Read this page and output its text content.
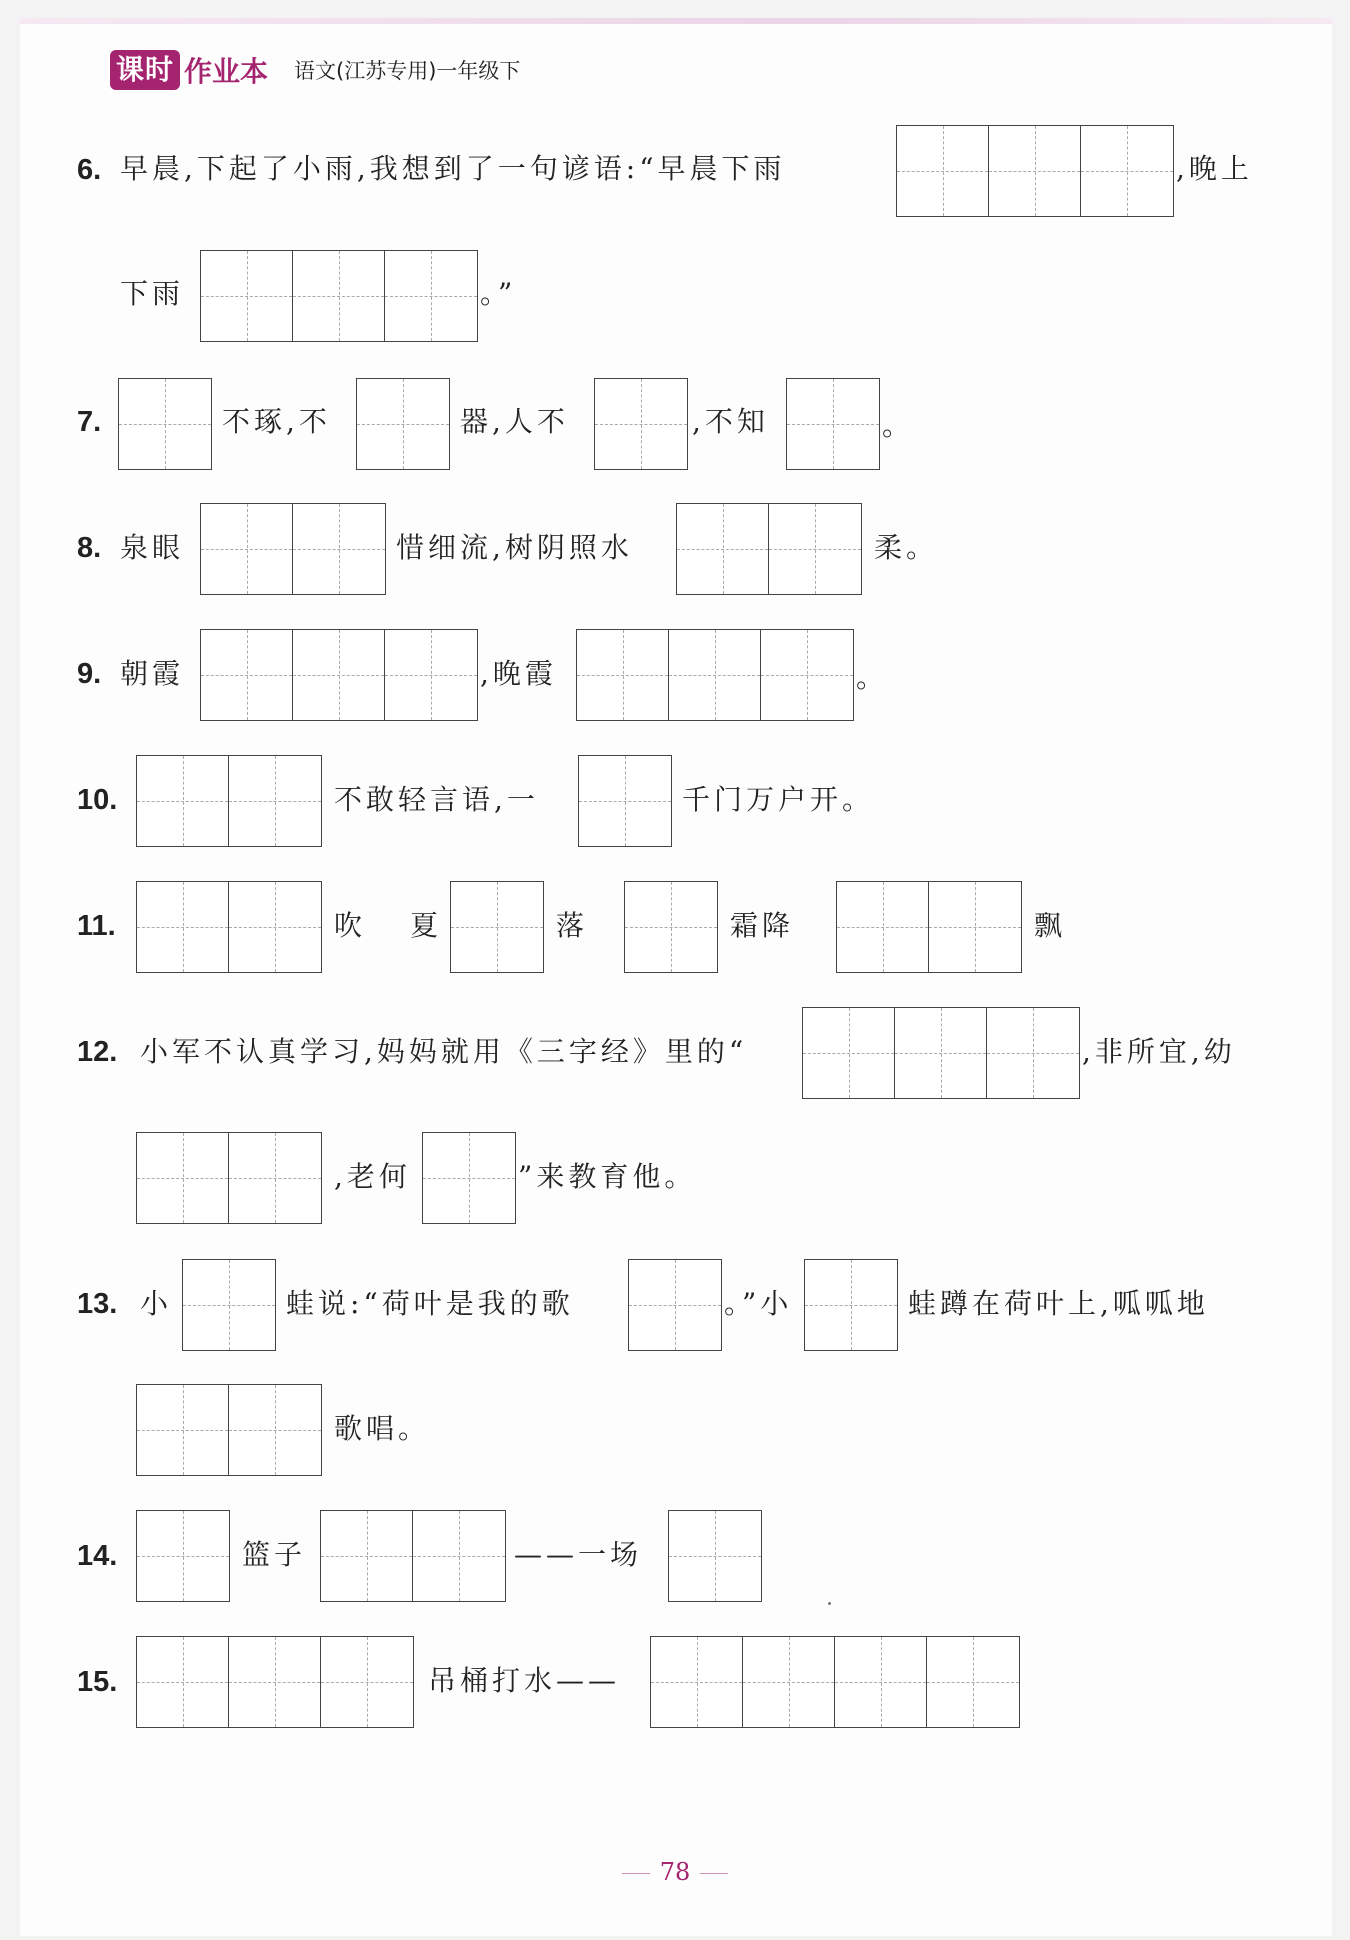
课时 作业本 语文(江苏专用)一年级下
6. 早晨,下起了小雨,我想到了一句谚语:“早晨下雨	,晚上
下雨	。”
7.	不琢,不	器,人不	,不知	。
8. 泉眼	惜细流,树阴照水	柔。
9. 朝霞	,晚霞	。
10.	不敢轻言语,一	千门万户开。
11.	吹 夏	落	霜降	飘
12. 小军不认真学习,妈妈就用《三字经》里的“	,非所宜,幼
,老何	”来教育他。
13. 小	蛙说:“荷叶是我的歌	。”小	蛙蹲在荷叶上,呱呱地
歌唱。
14.	篮子	——一场
15.	吊桶打水——
78
